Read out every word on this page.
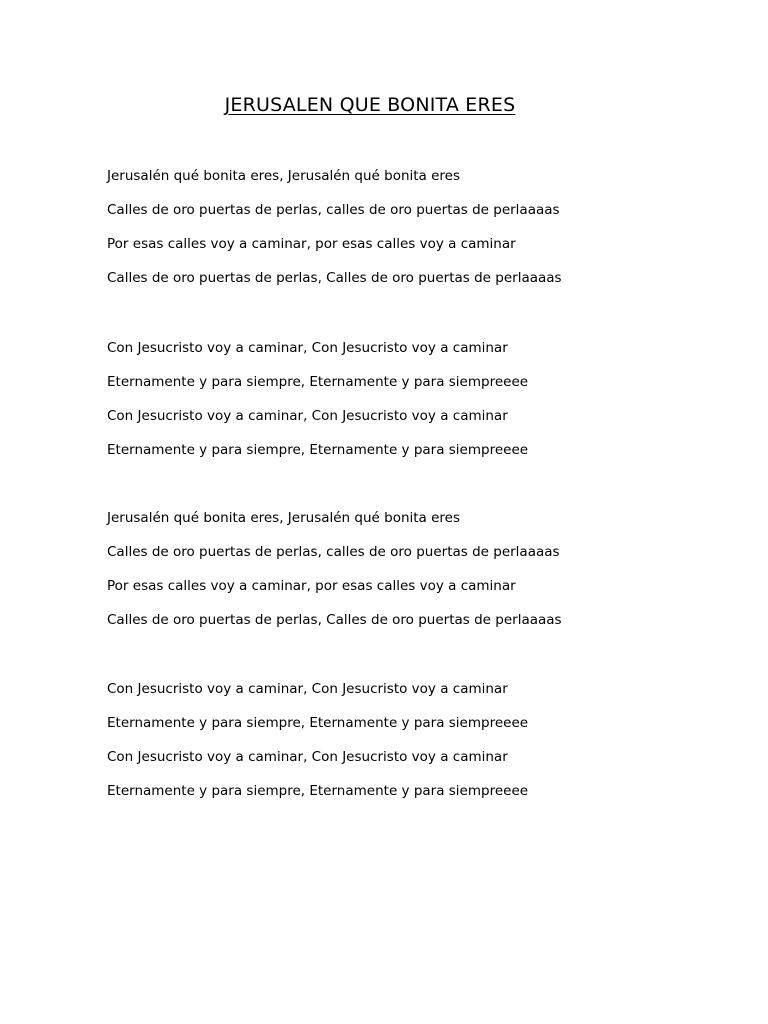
JERUSALEN QUE BONITA ERES

Jerusalén qué bonita eres, Jerusalén qué bonita eres

Calles de oro puertas de perlas, calles de oro puertas de perlaaaas

Por esas calles voy a caminar, por esas calles voy a caminar

Calles de oro puertas de perlas, Calles de oro puertas de perlaaaas

Con Jesucristo voy a caminar, Con Jesucristo voy a caminar

Eternamente y para siempre, Eternamente y para siempreeee

Con Jesucristo voy a caminar, Con Jesucristo voy a caminar

Eternamente y para siempre, Eternamente y para siempreeee

Jerusalén qué bonita eres, Jerusalén qué bonita eres

Calles de oro puertas de perlas, calles de oro puertas de perlaaaas

Por esas calles voy a caminar, por esas calles voy a caminar

Calles de oro puertas de perlas, Calles de oro puertas de perlaaaas

Con Jesucristo voy a caminar, Con Jesucristo voy a caminar

Eternamente y para siempre, Eternamente y para siempreeee

Con Jesucristo voy a caminar, Con Jesucristo voy a caminar

Eternamente y para siempre, Eternamente y para siempreeee
